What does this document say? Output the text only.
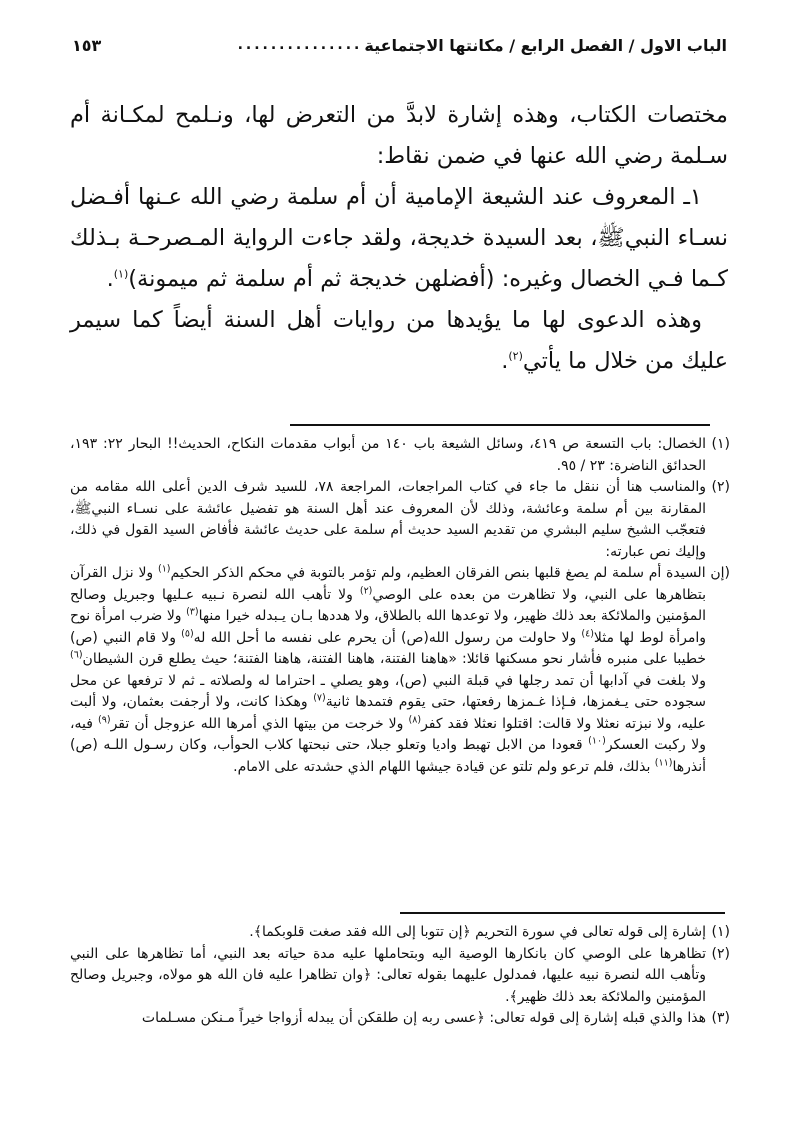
الباب الاول / الفصل الرابع / مكانتها الاجتماعية
...............
١٥٣

مختصات الكتاب، وهذه إشارة لابدَّ من التعرض لها، ونـلمح لمكـانة أم سـلمة رضي الله عنها في ضمن نقاط:

١ـ المعروف عند الشيعة الإمامية أن أم سلمة رضي الله عـنها أفـضل نسـاء النبيﷺ، بعد السيدة خديجة، ولقد جاءت الرواية المـصرحـة بـذلك كـما فـي الخصال وغيره: (أفضلهن خديجة ثم أم سلمة ثم ميمونة)$^{(١)}$.

وهذه الدعوى لها ما يؤيدها من روايات أهل السنة أيضاً كما سيمر عليك من خلال ما يأتي$^{(٢)}$.

(١)الخصال: باب التسعة ص ٤١٩، وسائل الشيعة باب ١٤٠ من أبواب مقدمات النكاح، الحديث!! البحار ٢٢: ١٩٣، الحدائق الناضرة: ٢٣ / ٩٥.

(٢)والمناسب هنا أن ننقل ما جاء في كتاب المراجعات، المراجعة ٧٨، للسيد شرف الدين أعلى الله مقامه من المقارنة بين أم سلمة وعائشة، وذلك لأن المعروف عند أهل السنة هو تفضيل عائشة على نسـاء النبيﷺ، فتعجّب الشيخ سليم البشري من تقديم السيد حديث أم سلمة على حديث عائشة فأفاض السيد القول في ذلك، وإليك نص عبارته:

(إن السيدة أم سلمة لم يصغ قلبها بنص الفرقان العظيم، ولم تؤمر بالتوبة في محكم الذكر الحكيم$^{(١)}$ ولا نزل القرآن بتظاهرها على النبي، ولا تظاهرت من بعده على الوصي$^{(٢)}$ ولا تأهب الله لنصرة نـبيه عـليها وجبريل وصالح المؤمنين والملائكة بعد ذلك ظهير، ولا توعدها الله بالطلاق، ولا هددها بـان يـبدله خيرا منها$^{(٣)}$ ولا ضرب امرأة نوح وامرأة لوط لها مثلا$^{(٤)}$ ولا حاولت من رسول الله(ص) أن يحرم على نفسه ما أحل الله له$^{(٥)}$ ولا قام النبي (ص) خطيبا على منبره فأشار نحو مسكنها قائلا: «هاهنا الفتنة، هاهنا الفتنة، هاهنا الفتنة؛ حيث يطلع قرن الشيطان$^{(٦)}$ ولا بلغت في آدابها أن تمد رجلها في قبلة النبي (ص)، وهو يصلي ـ احتراما له ولصلاته ـ ثم لا ترفعها عن محل سجوده حتى يـغمزها، فـإذا غـمزها رفعتها، حتى يقوم فتمدها ثانية$^{(٧)}$ وهكذا كانت، ولا أرجفت بعثمان، ولا ألبت عليه، ولا نبزته نعثلا ولا قالت: اقتلوا نعثلا فقد كفر$^{(٨)}$ ولا خرجت من بيتها الذي أمرها الله عزوجل أن تقر$^{(٩)}$ فيه، ولا ركبت العسكر$^{(١٠)}$ قعودا من الابل تهبط واديا وتعلو جبلا، حتى نبحتها كلاب الحوأب، وكان رسـول اللـه (ص) أنذرها$^{(١١)}$ بذلك، فلم ترعو ولم تلتو عن قيادة جيشها اللهام الذي حشدته على الامام.

(١)إشارة إلى قوله تعالى في سورة التحريم ﴿إن تتوبا إلى الله فقد صغت قلوبكما﴾.

(٢)تظاهرها على الوصي كان بانكارها الوصية اليه وبتحاملها عليه مدة حياته بعد النبي، أما تظاهرها على النبي وتأهب الله لنصرة نبيه عليها، فمدلول عليهما بقوله تعالى: ﴿وان تظاهرا عليه فان الله هو مولاه، وجبريل وصالح المؤمنين والملائكة بعد ذلك ظهير﴾.

(٣)هذا والذي قبله إشارة إلى قوله تعالى: ﴿عسى ربه إن طلقكن أن يبدله أزواجا خيراً مـنكن مسـلمات
